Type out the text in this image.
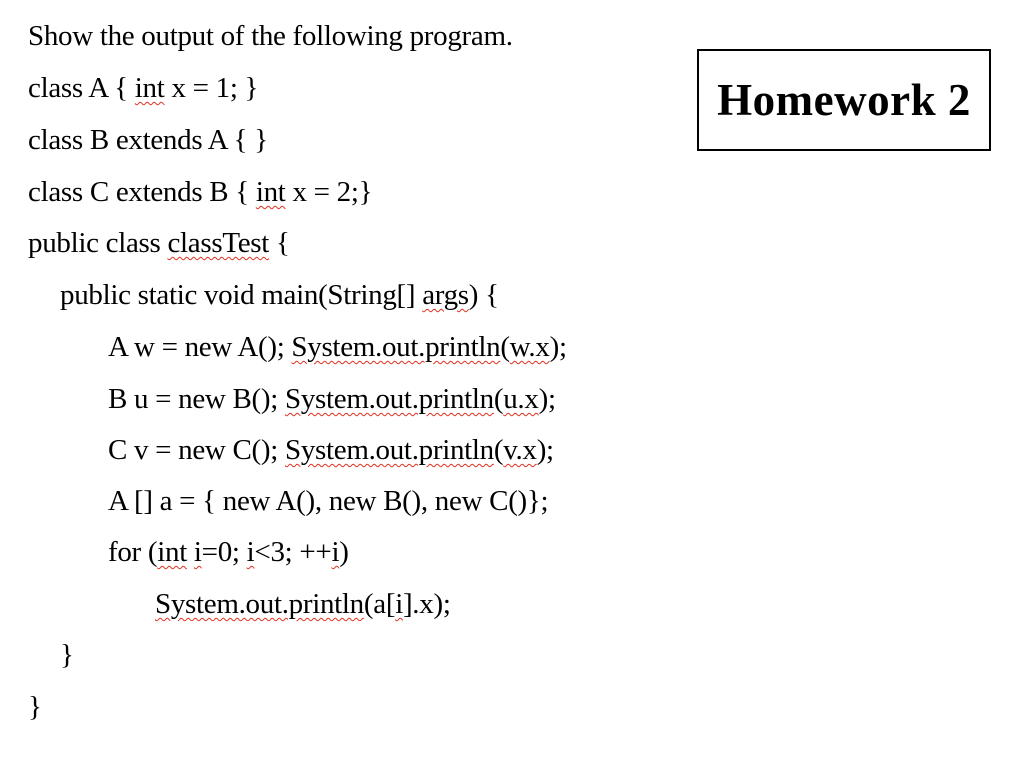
Show the output of the following program.
class A { int x = 1; }
class B extends A { }
class C extends B { int x = 2;}
public class classTest {
public static void main(String[] args) {
A w = new A(); System.out.println(w.x);
B u = new B(); System.out.println(u.x);
C v = new C(); System.out.println(v.x);
A [] a = { new A(), new B(), new C()};
for (int i=0; i<3; ++i)
System.out.println(a[i].x);
}
}
Homework 2
